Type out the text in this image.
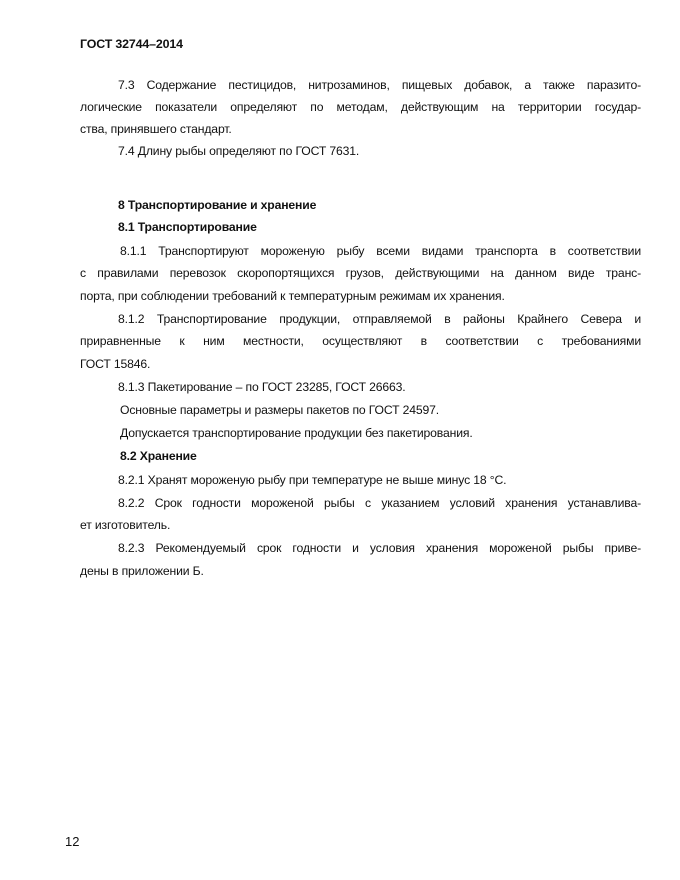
ГОСТ 32744–2014
7.3 Содержание пестицидов, нитрозаминов, пищевых добавок, а также паразито-
логические показатели определяют по методам, действующим на территории государ-
ства, принявшего стандарт.
7.4 Длину рыбы определяют по ГОСТ 7631.
8 Транспортирование и хранение
8.1 Транспортирование
8.1.1 Транспортируют мороженую рыбу всеми видами транспорта в соответствии
с правилами перевозок скоропортящихся грузов, действующими на данном виде транс-
порта, при соблюдении требований к температурным режимам их хранения.
8.1.2 Транспортирование продукции, отправляемой в районы Крайнего Севера и
приравненные к ним местности, осуществляют в соответствии с требованиями
ГОСТ 15846.
8.1.3 Пакетирование – по ГОСТ 23285, ГОСТ 26663.
Основные параметры и размеры пакетов по ГОСТ 24597.
Допускается транспортирование продукции без пакетирования.
8.2 Хранение
8.2.1 Хранят мороженую рыбу при температуре не выше минус 18 °С.
8.2.2 Срок годности мороженой рыбы с указанием условий хранения устанавлива-
ет изготовитель.
8.2.3 Рекомендуемый срок годности и условия хранения мороженой рыбы приве-
дены в приложении Б.
12
